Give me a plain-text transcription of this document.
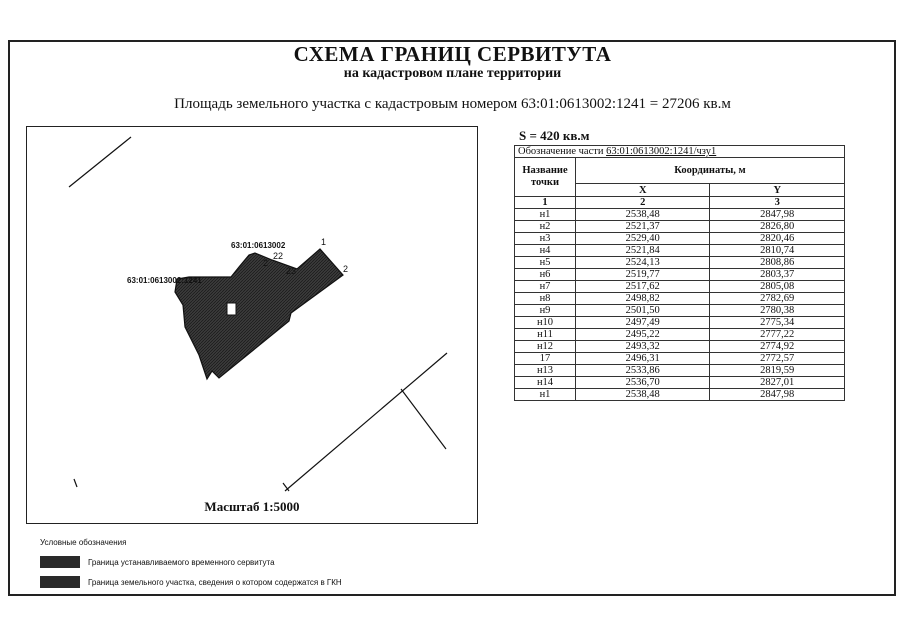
СХЕМА ГРАНИЦ СЕРВИТУТА
на кадастровом плане территории
Площадь земельного участка с кадастровым номером 63:01:0613002:1241 = 27206 кв.м
63:01:0613002
63:01:0613002:1241
1
22
2
23
2
Масштаб 1:5000
S = 420 кв.м
Обозначение части 63:01:0613002:1241/чзу1		
Название точки	Координаты, м	
	X	Y
1	2	3
н1	2538,48	2847,98
н2	2521,37	2826,80
н3	2529,40	2820,46
н4	2521,84	2810,74
н5	2524,13	2808,86
н6	2519,77	2803,37
н7	2517,62	2805,08
н8	2498,82	2782,69
н9	2501,50	2780,38
н10	2497,49	2775,34
н11	2495,22	2777,22
н12	2493,32	2774,92
17	2496,31	2772,57
н13	2533,86	2819,59
н14	2536,70	2827,01
н1	2538,48	2847,98
Условные обозначения
Граница устанавливаемого временного сервитута
Граница земельного участка, сведения о котором содержатся в ГКН
